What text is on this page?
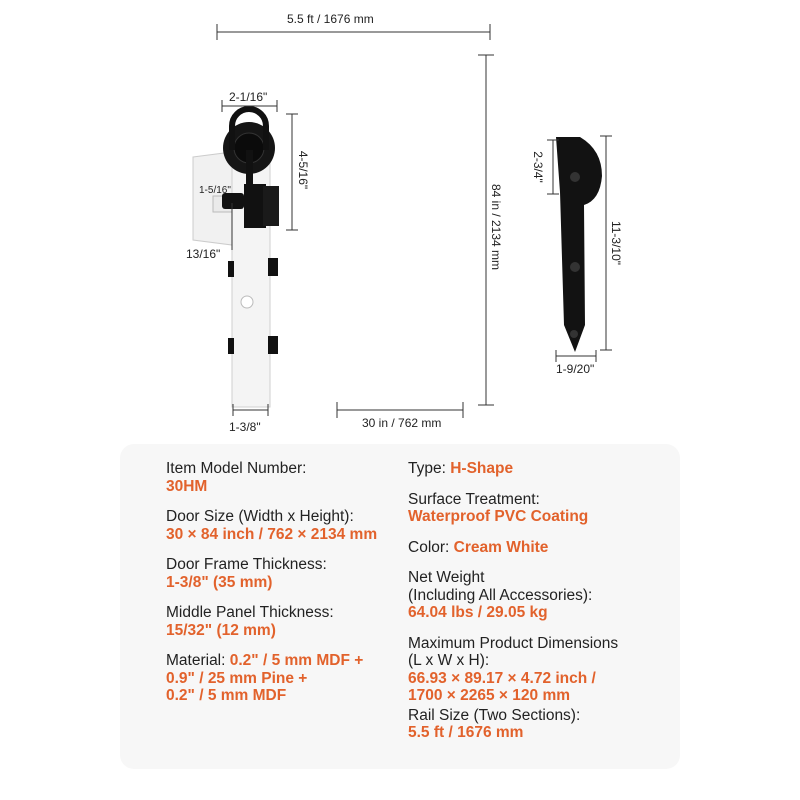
5.5 ft / 1676 mm
84 in / 2134 mm
30 in / 762 mm
2-1/16"
4-5/16"
1-5/16"
13/16"
1-3/8"
2-3/4"
11-3/10"
1-9/20"
Item Model Number:
30HM
Door Size (Width x Height):
30 × 84 inch / 762 × 2134 mm
Door Frame Thickness:
1-3/8" (35 mm)
Middle Panel Thickness:
15/32" (12 mm)
Material: 0.2" / 5 mm MDF +
0.9" / 25 mm Pine +
0.2" / 5 mm MDF
Type: H-Shape
Surface Treatment:
Waterproof PVC Coating
Color: Cream White
Net Weight
(Including All Accessories):
64.04 lbs / 29.05 kg
Maximum Product Dimensions
(L x W x H):
66.93 × 89.17 × 4.72 inch /
1700 × 2265 × 120 mm
Rail Size (Two Sections):
5.5 ft / 1676 mm
